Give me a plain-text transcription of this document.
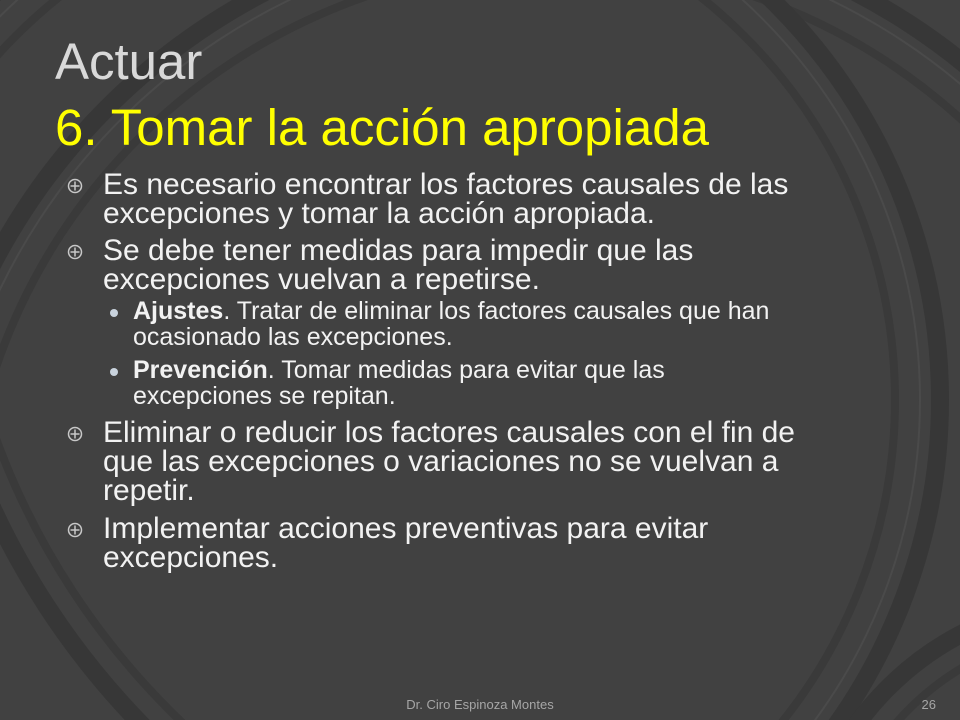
Actuar
6. Tomar la acción apropiada

Es necesario encontrar los factores causales de las excepciones y tomar la acción apropiada.

Se debe tener medidas para impedir que las excepciones vuelvan a repetirse.

Ajustes. Tratar de eliminar los factores causales que han ocasionado las excepciones.

Prevención. Tomar medidas para evitar que las excepciones se repitan.

Eliminar o reducir los factores causales con el fin de que las excepciones o variaciones no se vuelvan a repetir.

Implementar acciones preventivas para evitar excepciones.

Dr. Ciro Espinoza Montes	26
